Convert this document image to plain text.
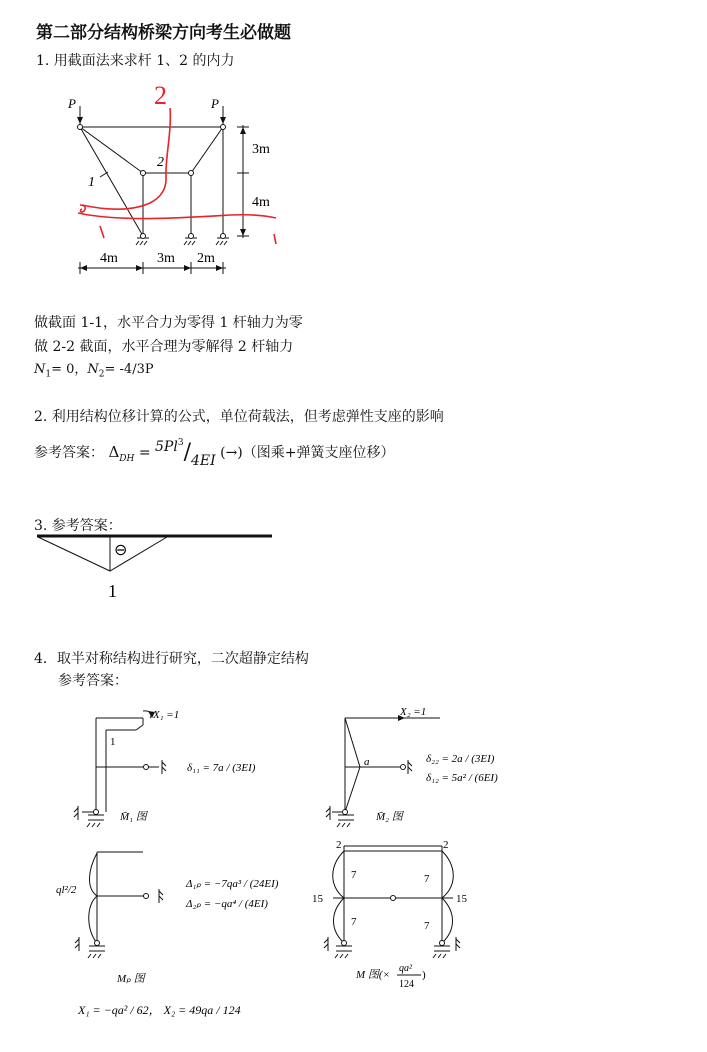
第二部分结构桥梁方向考生必做题
1. 用截面法来求杆 1、2 的内力
2
P	P
2
1
3m
4m
4m	3m 2m
做截面 1-1，水平合力为零得 1 杆轴力为零
做 2-2 截面，水平合理为零解得 2 杆轴力
$N_1= 0$，$N_2= -4/3P$
2. 利用结构位移计算的公式，单位荷载法，但考虑弹性支座的影响
参考答案： $\Delta_{DH} = 5Pl^3/4EI$ (→)（图乘+弹簧支座位移）
3. 参考答案：
⊖
1
4．取半对称结构进行研究，二次超静定结构
参考答案：
X₁ =1
1
δ₁₁ = 7a / (3EI)
M̄₁ 图
X₂ =1
a	δ₂₂ = 2a / (3EI)
δ₁₂ = 5a² / (6EI)
M̄₂ 图
ql²/2	Δ₁ₚ = −7qa³ / (24EI)
Δ₂ₚ = −qa⁴ / (4EI)
Mₚ 图
2	2
7	7
7	7
15	15
M 图(×
qa²
124
)
X₁ = −qa² / 62， X₂ = 49qa / 124
